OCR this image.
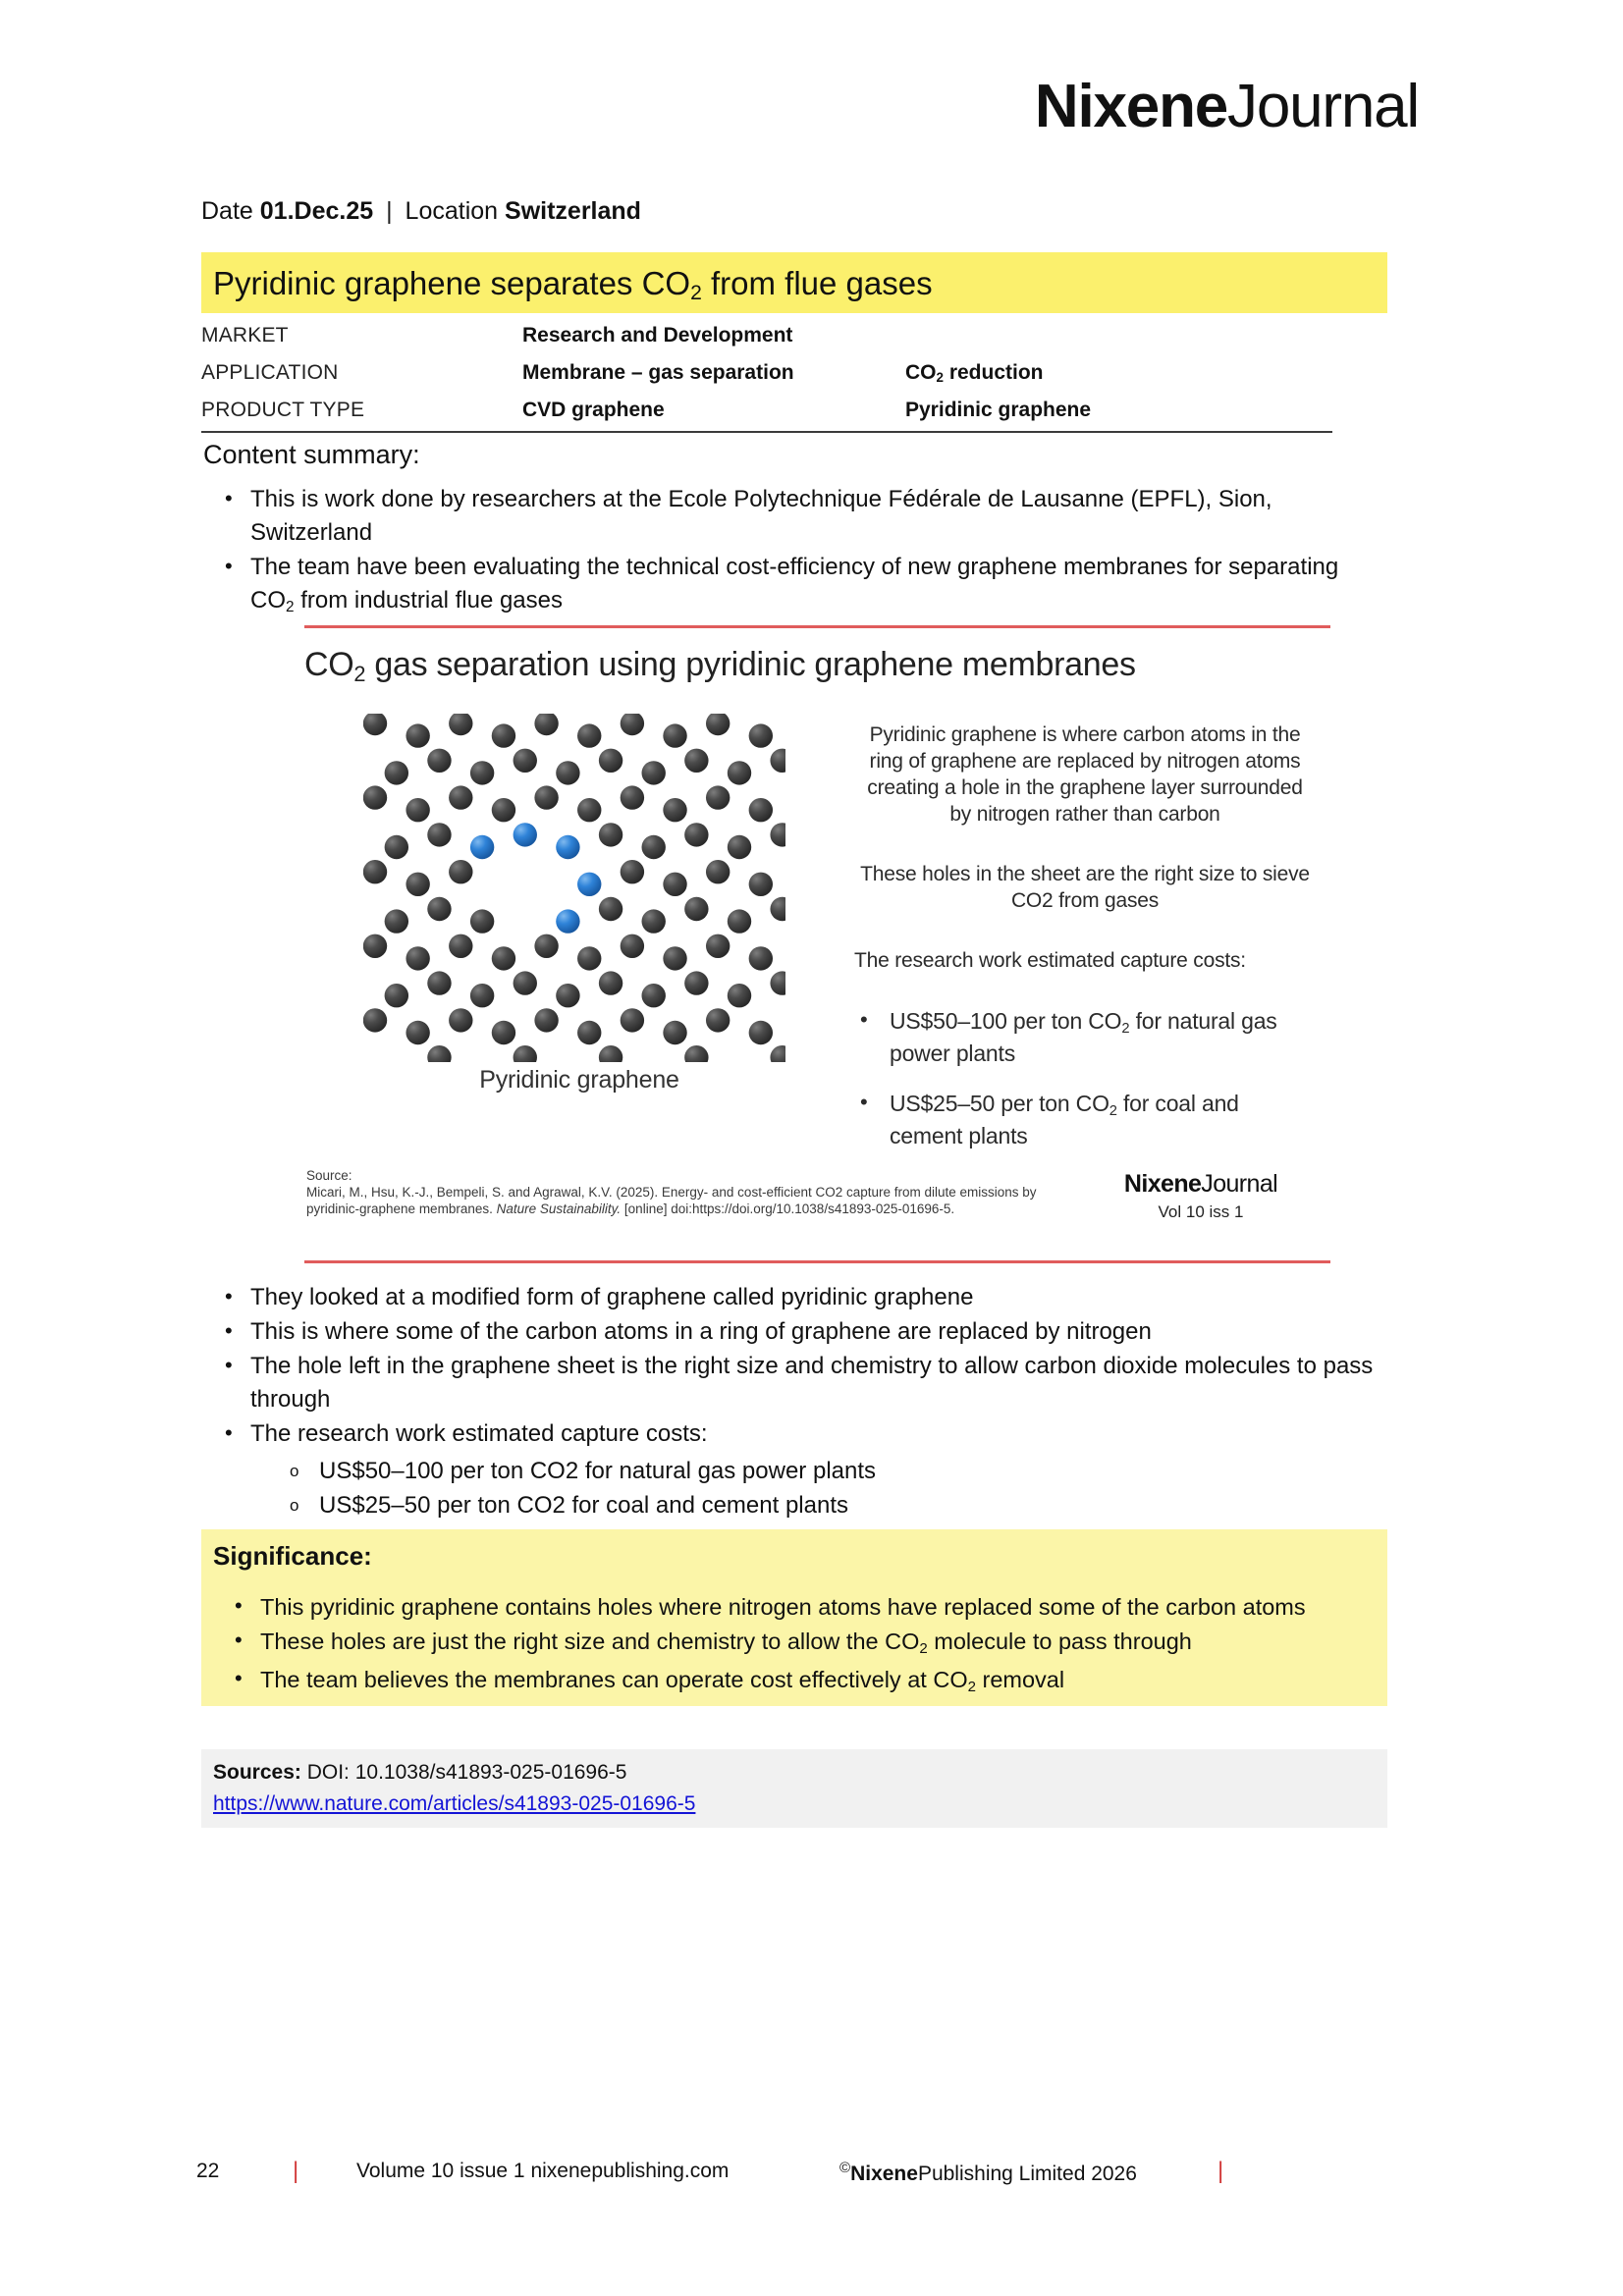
NixeneJournal
Date 01.Dec.25 | Location Switzerland
Pyridinic graphene separates $CO_2$ from flue gases
MARKET	Research and Development
APPLICATION	Membrane – gas separation	$CO_2$ reduction
PRODUCT TYPE	CVD graphene	Pyridinic graphene
Content summary:
• This is work done by researchers at the Ecole Polytechnique Fédérale de Lausanne (EPFL), Sion, Switzerland
• The team have been evaluating the technical cost-efficiency of new graphene membranes for separating $CO_2$ from industrial flue gases
$CO_2$ gas separation using pyridinic graphene membranes
Pyridinic graphene

Pyridinic graphene is where carbon atoms in the ring of graphene are replaced by nitrogen atoms creating a hole in the graphene layer surrounded by nitrogen rather than carbon

These holes in the sheet are the right size to sieve CO2 from gases

The research work estimated capture costs:

• US$50–100 per ton $CO_2$ for natural gas power plants
• US$25–50 per ton $CO_2$ for coal and cement plants
Source:
Micari, M., Hsu, K.-J., Bempeli, S. and Agrawal, K.V. (2025). Energy- and cost-efficient CO2 capture from dilute emissions by pyridinic-graphene membranes. Nature Sustainability. [online] doi:https://doi.org/10.1038/s41893-025-01696-5.
NixeneJournal
Vol 10 iss 1
• They looked at a modified form of graphene called pyridinic graphene
• This is where some of the carbon atoms in a ring of graphene are replaced by nitrogen
• The hole left in the graphene sheet is the right size and chemistry to allow carbon dioxide molecules to pass through
• The research work estimated capture costs:
o US$50–100 per ton CO2 for natural gas power plants
o US$25–50 per ton CO2 for coal and cement plants
Significance:
• This pyridinic graphene contains holes where nitrogen atoms have replaced some of the carbon atoms
• These holes are just the right size and chemistry to allow the $CO_2$ molecule to pass through
• The team believes the membranes can operate cost effectively at $CO_2$ removal
Sources: DOI: 10.1038/s41893-025-01696-5
https://www.nature.com/articles/s41893-025-01696-5
22	|	Volume 10 issue 1 nixenepublishing.com	©NixenePublishing Limited 2026	|
